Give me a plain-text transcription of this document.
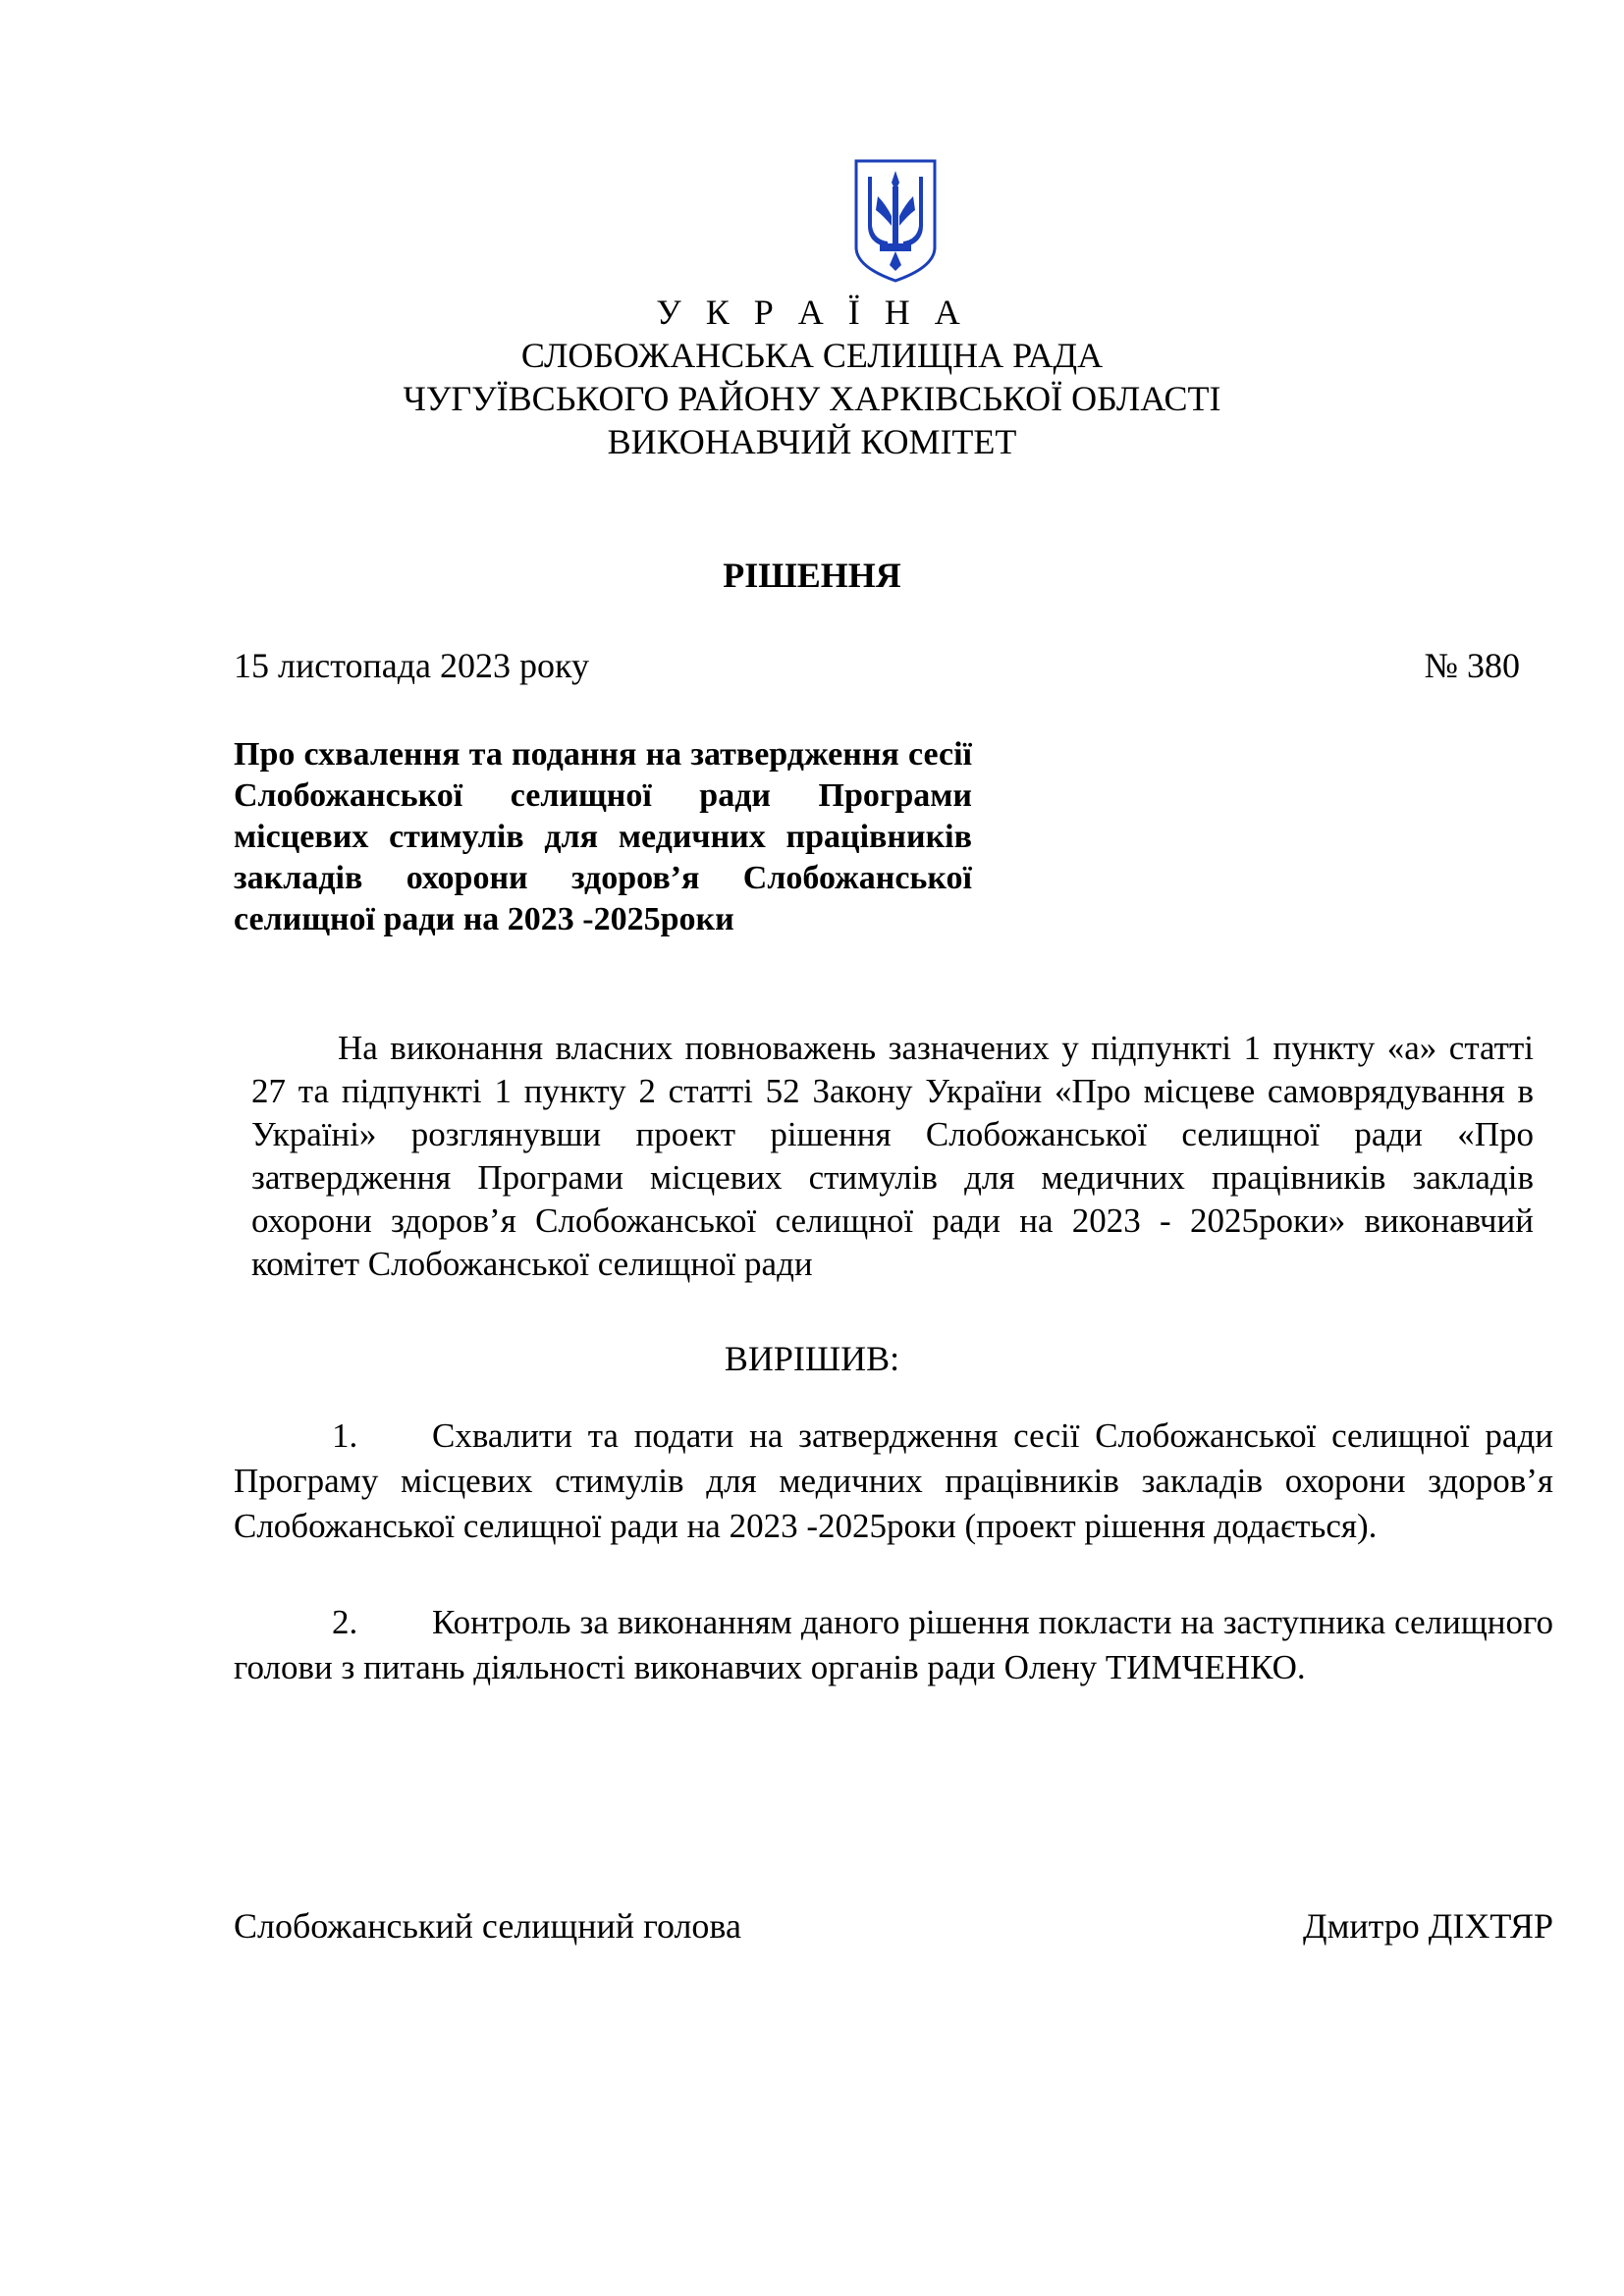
У К Р А Ї Н А
СЛОБОЖАНСЬКА СЕЛИЩНА РАДА
ЧУГУЇВСЬКОГО РАЙОНУ ХАРКІВСЬКОЇ ОБЛАСТІ
ВИКОНАВЧИЙ КОМІТЕТ
РІШЕННЯ
15 листопада 2023 року	№ 380
Про схвалення та подання на затвердження сесії Слобожанської селищної ради Програми місцевих стимулів для медичних працівників закладів охорони здоров’я Слобожанської селищної ради на 2023 -2025роки
На виконання власних повноважень зазначених у підпункті 1 пункту «а» статті 27 та підпункті 1 пункту 2 статті 52 Закону України «Про місцеве самоврядування в Україні» розглянувши проект рішення Слобожанської селищної ради «Про затвердження Програми місцевих стимулів для медичних працівників закладів охорони здоров’я Слобожанської селищної ради на 2023 - 2025роки» виконавчий комітет Слобожанської селищної ради
ВИРІШИВ:
1. Схвалити та подати на затвердження сесії Слобожанської селищної ради Програму місцевих стимулів для медичних працівників закладів охорони здоров’я Слобожанської селищної ради на 2023 -2025роки (проект рішення додається).
2. Контроль за виконанням даного рішення покласти на заступника селищного голови з питань діяльності виконавчих органів ради Олену ТИМЧЕНКО.
Слобожанський селищний голова	Дмитро ДІХТЯР
